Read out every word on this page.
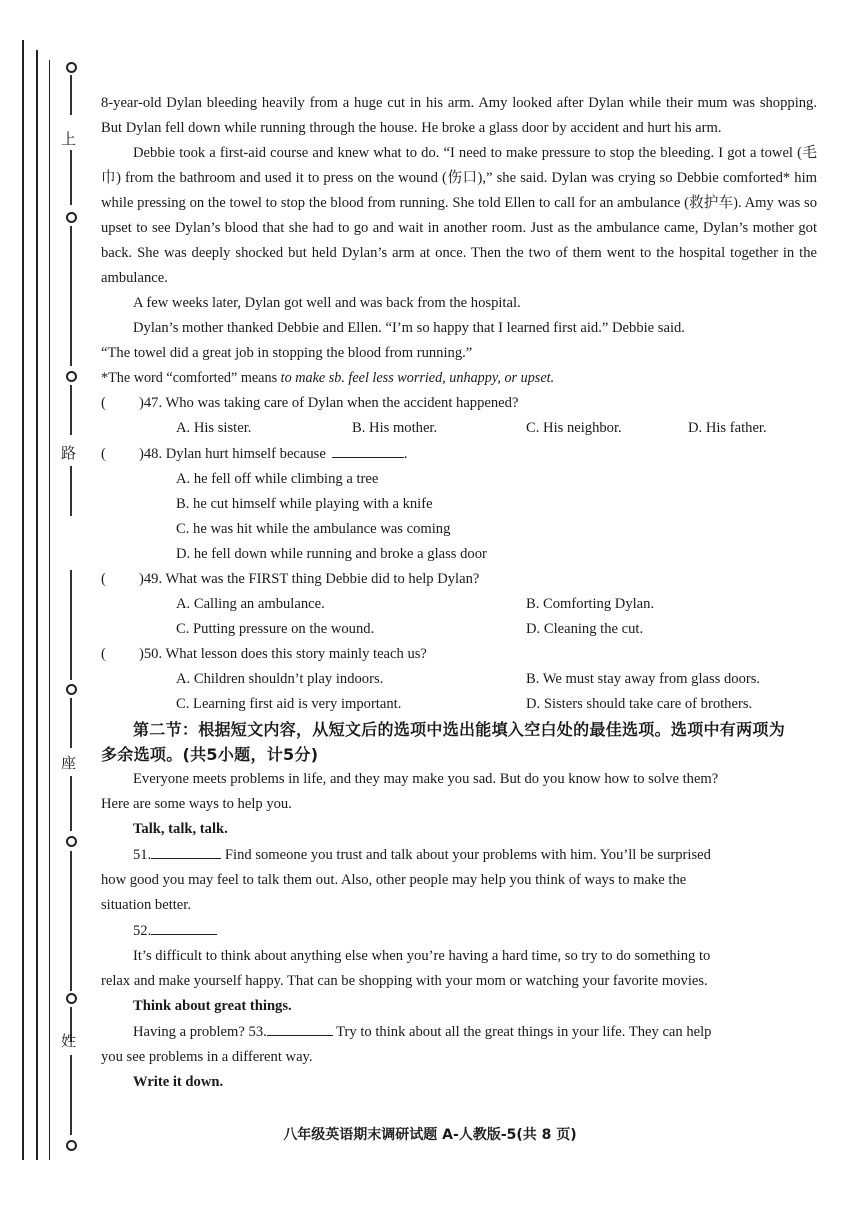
上
路
座
姓

8-year-old Dylan bleeding heavily from a huge cut in his arm. Amy looked after Dylan while their mum was shopping. But Dylan fell down while running through the house. He broke a glass door by accident and hurt his arm.

Debbie took a first-aid course and knew what to do. “I need to make pressure to stop the bleeding. I got a towel (毛巾) from the bathroom and used it to press on the wound (伤口),” she said. Dylan was crying so Debbie comforted* him while pressing on the towel to stop the blood from running. She told Ellen to call for an ambulance (救护车). Amy was so upset to see Dylan’s blood that she had to go and wait in another room. Just as the ambulance came, Dylan’s mother got back. She was deeply shocked but held Dylan’s arm at once. Then the two of them went to the hospital together in the ambulance.

A few weeks later, Dylan got well and was back from the hospital.

Dylan’s mother thanked Debbie and Ellen. “I’m so happy that I learned first aid.” Debbie said.

“The towel did a great job in stopping the blood from running.”

*The word “comforted” means to make sb. feel less worried, unhappy, or upset.

(	)47. Who was taking care of Dylan when the accident happened?
A. His sister.	B. His mother.	C. His neighbor.	D. His father.
(	)48. Dylan hurt himself because	.
A. he fell off while climbing a tree
B. he cut himself while playing with a knife
C. he was hit while the ambulance was coming
D. he fell down while running and broke a glass door
(	)49. What was the FIRST thing Debbie did to help Dylan?
A. Calling an ambulance.	B. Comforting Dylan.
C. Putting pressure on the wound.	D. Cleaning the cut.
(	)50. What lesson does this story mainly teach us?
A. Children shouldn’t play indoors.	B. We must stay away from glass doors.
C. Learning first aid is very important.	D. Sisters should take care of brothers.

第二节：根据短文内容，从短文后的选项中选出能填入空白处的最佳选项。选项中有两项为

多余选项。(共5小题，计5分)

Everyone meets problems in life, and they may make you sad. But do you know how to solve them?

Here are some ways to help you.

Talk, talk, talk.

51.	Find someone you trust and talk about your problems with him. You’ll be surprised

how good you may feel to talk them out. Also, other people may help you think of ways to make the

situation better.

52.

It’s difficult to think about anything else when you’re having a hard time, so try to do something to

relax and make yourself happy. That can be shopping with your mom or watching your favorite movies.

Think about great things.

Having a problem? 53.	Try to think about all the great things in your life. They can help

you see problems in a different way.

Write it down.

八年级英语期末调研试题 A-人教版-5(共 8 页)
